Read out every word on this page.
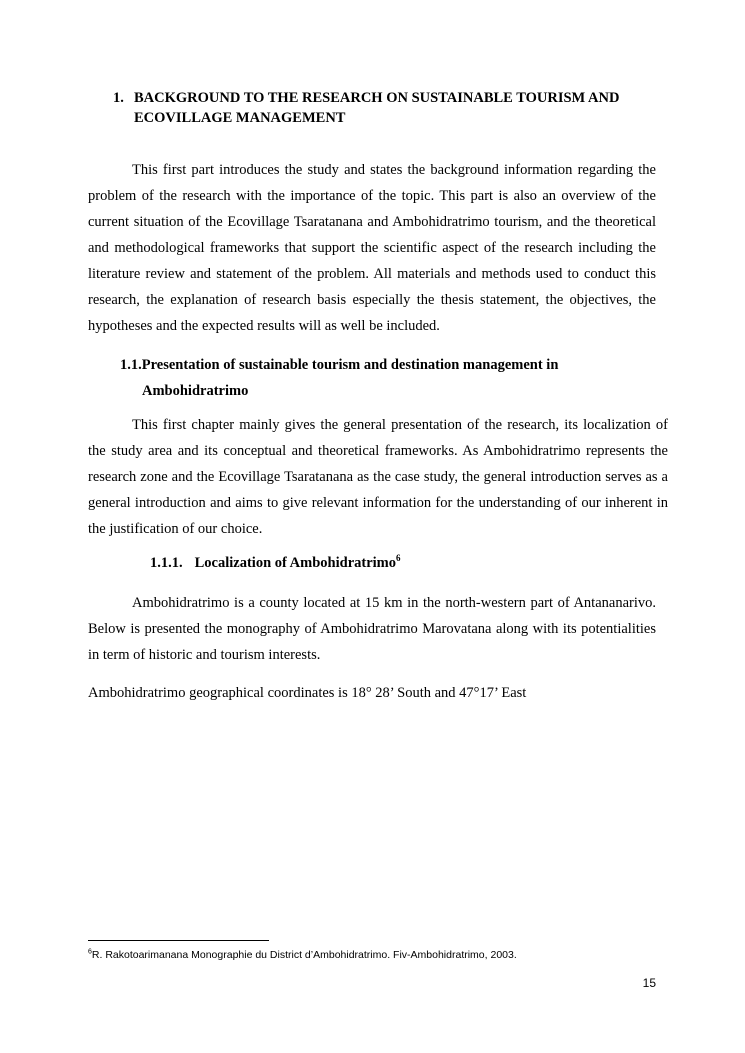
1. BACKGROUND TO THE RESEARCH ON SUSTAINABLE TOURISM AND ECOVILLAGE MANAGEMENT

This first part introduces the study and states the background information regarding the problem of the research with the importance of the topic. This part is also an overview of the current situation of the Ecovillage Tsaratanana and Ambohidratrimo tourism, and the theoretical and methodological frameworks that support the scientific aspect of the research including the literature review and statement of the problem. All materials and methods used to conduct this research, the explanation of research basis especially the thesis statement, the objectives, the hypotheses and the expected results will as well be included.

1.1.Presentation of sustainable tourism and destination management in
Ambohidratrimo

This first chapter mainly gives the general presentation of the research, its localization of the study area and its conceptual and theoretical frameworks. As Ambohidratrimo represents the research zone and the Ecovillage Tsaratanana as the case study, the general introduction serves as a general introduction and aims to give relevant information for the understanding of our inherent in the justification of our choice.

1.1.1. Localization of Ambohidratrimo$^6$

Ambohidratrimo is a county located at 15 km in the north-western part of Antananarivo. Below is presented the monography of Ambohidratrimo Marovatana along with its potentialities in term of historic and tourism interests.

Ambohidratrimo geographical coordinates is 18° 28’ South and 47°17’ East

$^6$R. Rakotoarimanana Monographie du District d’Ambohidratrimo. Fiv-Ambohidratrimo, 2003.

15
